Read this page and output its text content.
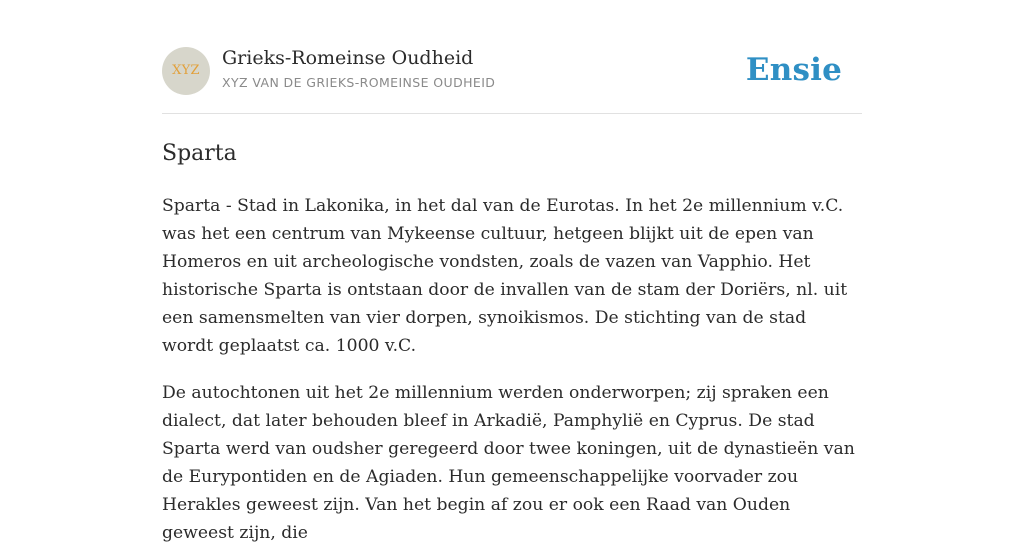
XYZ
Grieks-Romeinse Oudheid
XYZ VAN DE GRIEKS-ROMEINSE OUDHEID	Ensie
Sparta

Sparta - Stad in Lakonika, in het dal van de Eurotas. In het 2e millennium v.C. was het een centrum van Mykeense cultuur, hetgeen blijkt uit de epen van Homeros en uit archeologische vondsten, zoals de vazen van Vapphio. Het historische Sparta is ontstaan door de invallen van de stam der Doriërs, nl. uit een samensmelten van vier dorpen, synoikismos. De stichting van de stad wordt geplaatst ca. 1000 v.C.

De autochtonen uit het 2e millennium werden onderworpen; zij spraken een dialect, dat later behouden bleef in Arkadië, Pamphylië en Cyprus. De stad Sparta werd van oudsher geregeerd door twee koningen, uit de dynastieën van de Eurypontiden en de Agiaden. Hun gemeenschappelijke voorvader zou Herakles geweest zijn. Van het begin af zou er ook een Raad van Ouden geweest zijn, die
